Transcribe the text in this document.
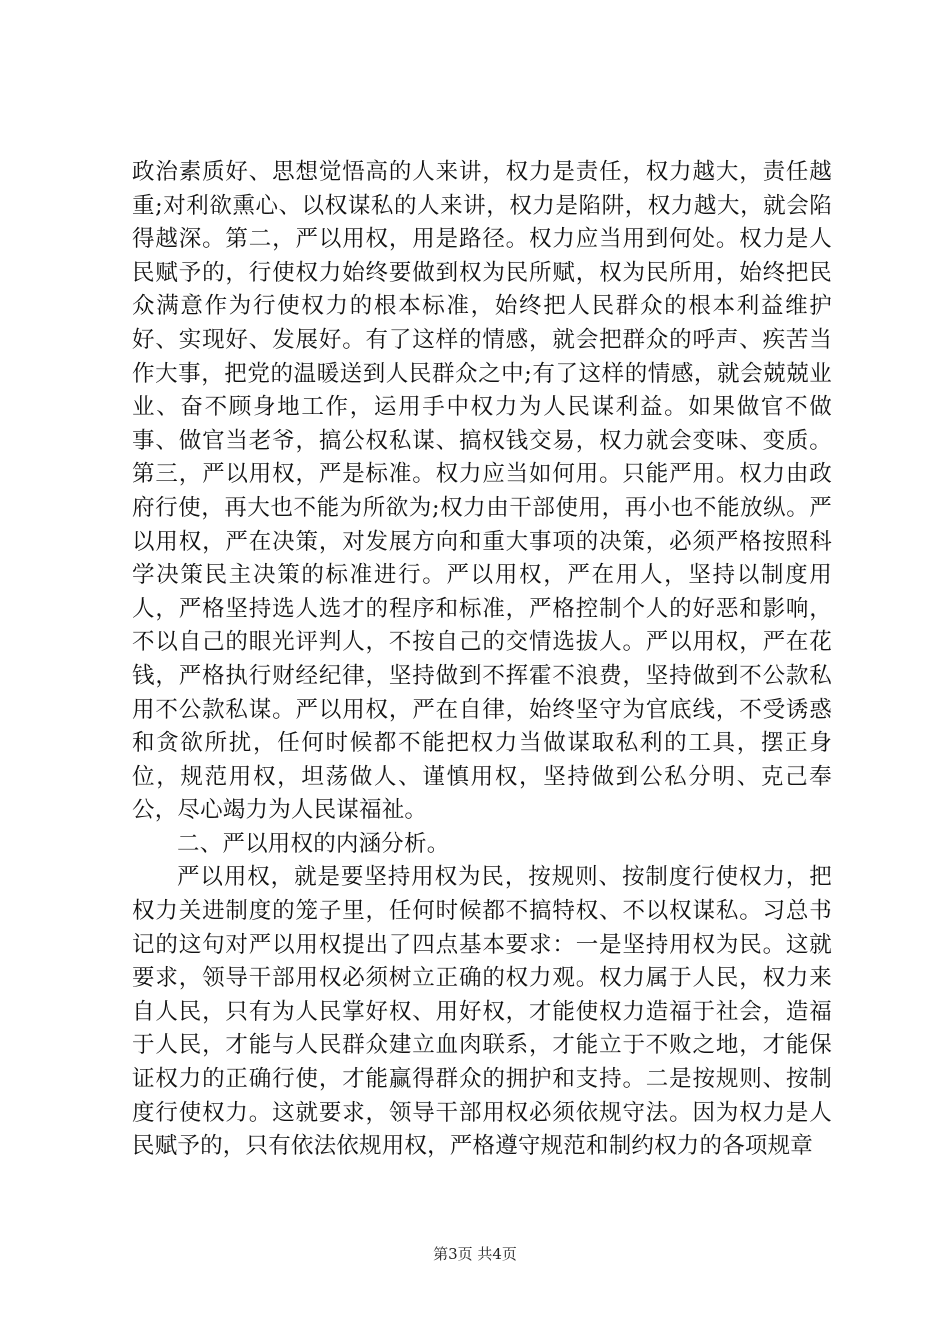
政治素质好、思想觉悟高的人来讲，权力是责任，权力越大，责任越重;对利欲熏心、以权谋私的人来讲，权力是陷阱，权力越大，就会陷得越深。第二，严以用权，用是路径。权力应当用到何处。权力是人民赋予的，行使权力始终要做到权为民所赋，权为民所用，始终把民众满意作为行使权力的根本标准，始终把人民群众的根本利益维护好、实现好、发展好。有了这样的情感，就会把群众的呼声、疾苦当作大事，把党的温暖送到人民群众之中;有了这样的情感，就会兢兢业业、奋不顾身地工作，运用手中权力为人民谋利益。如果做官不做事、做官当老爷，搞公权私谋、搞权钱交易，权力就会变味、变质。第三，严以用权，严是标准。权力应当如何用。只能严用。权力由政府行使，再大也不能为所欲为;权力由干部使用，再小也不能放纵。严以用权，严在决策，对发展方向和重大事项的决策，必须严格按照科学决策民主决策的标准进行。严以用权，严在用人，坚持以制度用人，严格坚持选人选才的程序和标准，严格控制个人的好恶和影响，不以自己的眼光评判人，不按自己的交情选拔人。严以用权，严在花钱，严格执行财经纪律，坚持做到不挥霍不浪费，坚持做到不公款私用不公款私谋。严以用权，严在自律，始终坚守为官底线，不受诱惑和贪欲所扰，任何时候都不能把权力当做谋取私利的工具，摆正身位，规范用权，坦荡做人、谨慎用权，坚持做到公私分明、克己奉公，尽心竭力为人民谋福祉。

二、严以用权的内涵分析。

严以用权，就是要坚持用权为民，按规则、按制度行使权力，把权力关进制度的笼子里，任何时候都不搞特权、不以权谋私。习总书记的这句对严以用权提出了四点基本要求：一是坚持用权为民。这就要求，领导干部用权必须树立正确的权力观。权力属于人民，权力来自人民，只有为人民掌好权、用好权，才能使权力造福于社会，造福于人民，才能与人民群众建立血肉联系，才能立于不败之地，才能保证权力的正确行使，才能赢得群众的拥护和支持。二是按规则、按制度行使权力。这就要求，领导干部用权必须依规守法。因为权力是人民赋予的，只有依法依规用权，严格遵守规范和制约权力的各项规章

第3页 共4页
